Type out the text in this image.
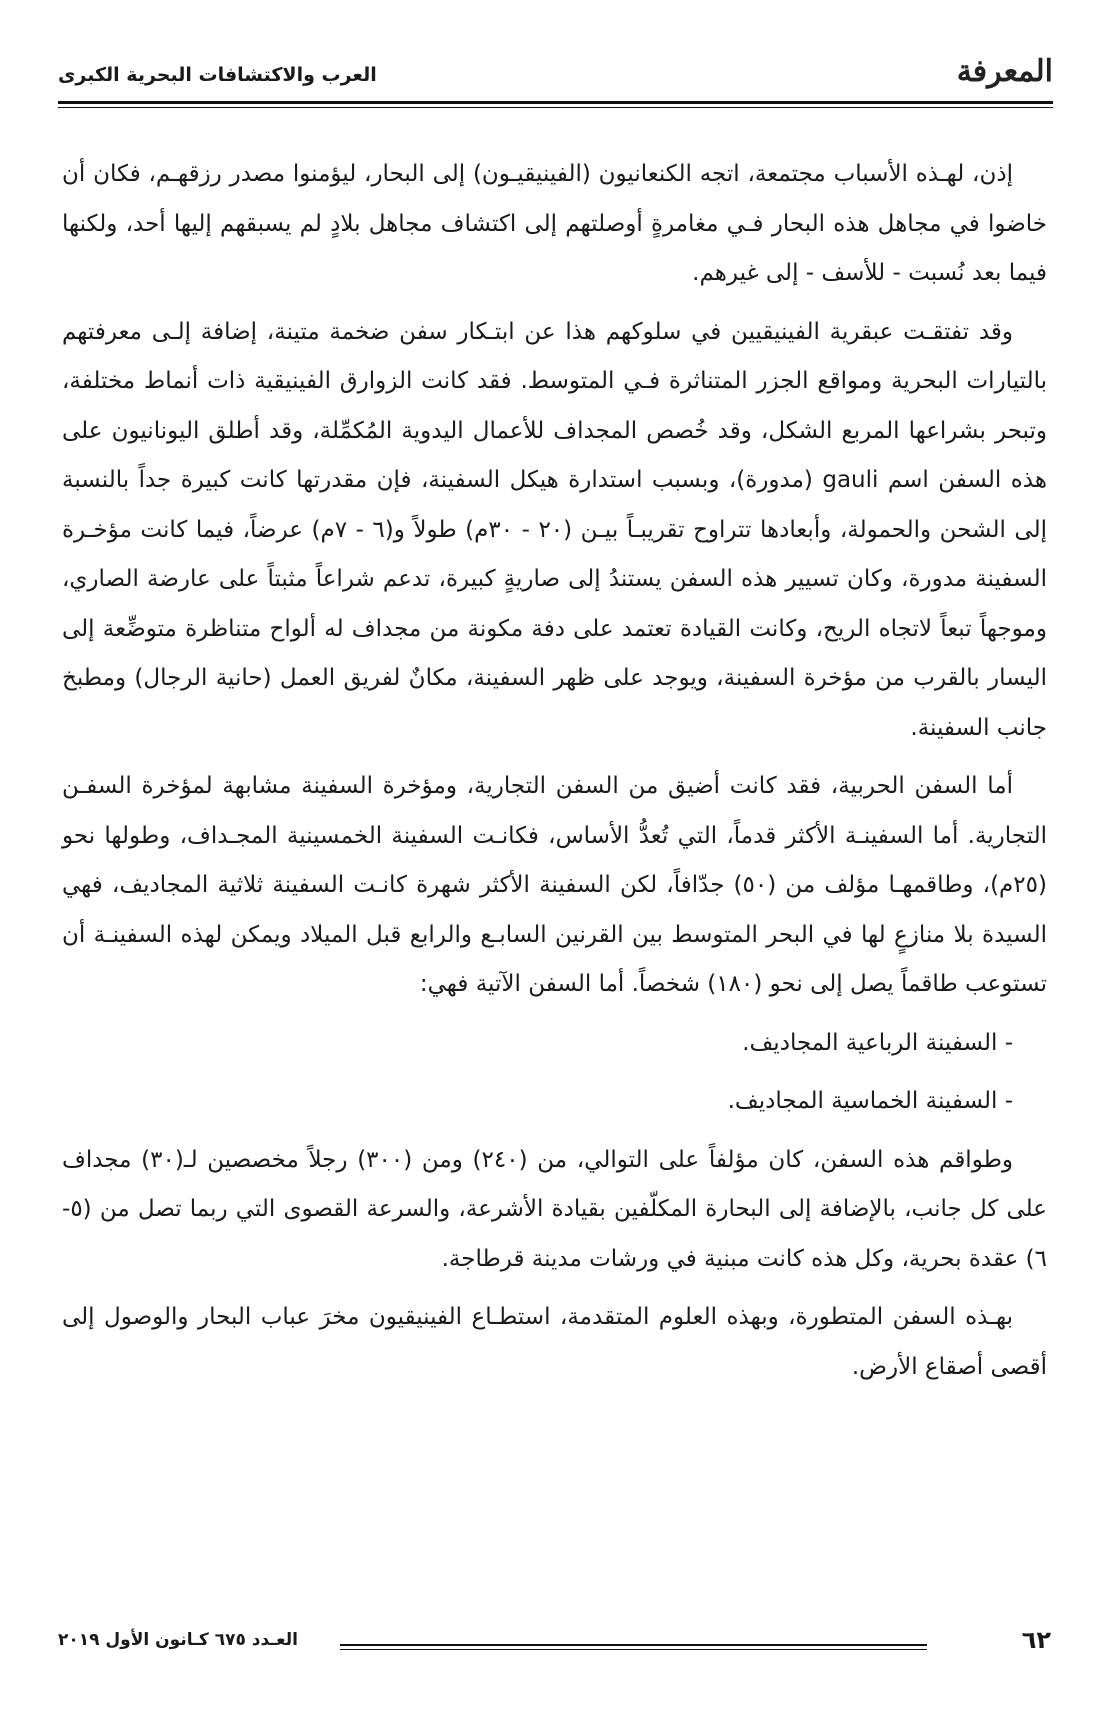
المعرفة
العرب والاكتشافات البحرية الكبرى

إذن، لهـذه الأسباب مجتمعة، اتجه الكنعانيون (الفينيقيـون) إلى البحار، ليؤمنوا مصدر رزقهـم، فكان أن خاضوا في مجاهل هذه البحار فـي مغامرةٍ أوصلتهم إلى اكتشاف مجاهل بلادٍ لم يسبقهم إليها أحد، ولكنها فيما بعد نُسبت - للأسف - إلى غيرهم.

وقد تفتقـت عبقرية الفينيقيين في سلوكهم هذا عن ابتـكار سفن ضخمة متينة، إضافة إلـى معرفتهم بالتيارات البحرية ومواقع الجزر المتناثرة فـي المتوسط. فقد كانت الزوارق الفينيقية ذات أنماط مختلفة، وتبحر بشراعها المربع الشكل، وقد خُصص المجداف للأعمال اليدوية المُكمِّلة، وقد أطلق اليونانيون على هذه السفن اسم gauli (مدورة)، وبسبب استدارة هيكل السفينة، فإن مقدرتها كانت كبيرة جداً بالنسبة إلى الشحن والحمولة، وأبعادها تتراوح تقريبـاً بيـن (٢٠ - ٣٠م) طولاً و(٦ - ٧م) عرضاً، فيما كانت مؤخـرة السفينة مدورة، وكان تسيير هذه السفن يستندُ إلى صاريةٍ كبيرة، تدعم شراعاً مثبتاً على عارضة الصاري، وموجهاً تبعاً لاتجاه الريح، وكانت القيادة تعتمد على دفة مكونة من مجداف له ألواح متناظرة متوضِّعة إلى اليسار بالقرب من مؤخرة السفينة، ويوجد على ظهر السفينة، مكانٌ لفريق العمل (حانية الرجال) ومطبخ جانب السفينة.

أما السفن الحربية، فقد كانت أضيق من السفن التجارية، ومؤخرة السفينة مشابهة لمؤخرة السفـن التجارية. أما السفينـة الأكثر قدماً، التي تُعدُّ الأساس، فكانـت السفينة الخمسينية المجـداف، وطولها نحو (٢٥م)، وطاقمهـا مؤلف من (٥٠) جدّافاً، لكن السفينة الأكثر شهرة كانـت السفينة ثلاثية المجاديف، فهي السيدة بلا منازعٍ لها في البحر المتوسط بين القرنين السابـع والرابع قبل الميلاد ويمكن لهذه السفينـة أن تستوعب طاقماً يصل إلى نحو (١٨٠) شخصاً. أما السفن الآتية فهي:

- السفينة الرباعية المجاديف.

- السفينة الخماسية المجاديف.

وطواقم هذه السفن، كان مؤلفاً على التوالي، من (٢٤٠) ومن (٣٠٠) رجلاً مخصصين لـ(٣٠) مجداف على كل جانب، بالإضافة إلى البحارة المكلّفين بقيادة الأشرعة، والسرعة القصوى التي ربما تصل من (٥- ٦) عقدة بحرية، وكل هذه كانت مبنية في ورشات مدينة قرطاجة.

بهـذه السفن المتطورة، وبهذه العلوم المتقدمة، استطـاع الفينيقيون مخرَ عباب البحار والوصول إلى أقصى أصقاع الأرض.

العـدد ٦٧٥ كـانون الأول ٢٠١٩	٦٢
